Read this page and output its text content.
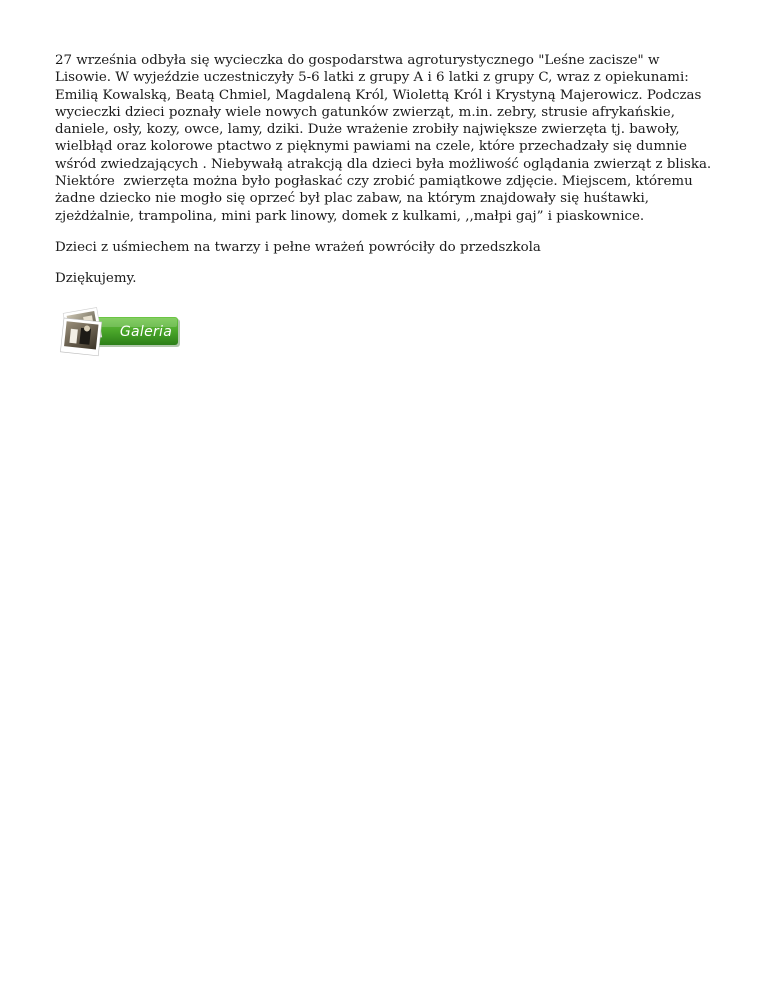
27 września odbyła się wycieczka do gospodarstwa agroturystycznego "Leśne zacisze" w Lisowie. W wyjeździe uczestniczyły 5-6 latki z grupy A i 6 latki z grupy C, wraz z opiekunami: Emilią Kowalską, Beatą Chmiel, Magdaleną Król, Wiolettą Król i Krystyną Majerowicz. Podczas wycieczki dzieci poznały wiele nowych gatunków zwierząt, m.in. zebry, strusie afrykańskie, daniele, osły, kozy, owce, lamy, dziki. Duże wrażenie zrobiły największe zwierzęta tj. bawoły, wielbłąd oraz kolorowe ptactwo z pięknymi pawiami na czele, które przechadzały się dumnie wśród zwiedzających . Niebywałą atrakcją dla dzieci była możliwość oglądania zwierząt z bliska. Niektóre  zwierzęta można było pogłaskać czy zrobić pamiątkowe zdjęcie. Miejscem, któremu żadne dziecko nie mogło się oprzeć był plac zabaw, na którym znajdowały się huśtawki, zjeżdżalnie, trampolina, mini park linowy, domek z kulkami, ,,małpi gaj” i piaskownice.

Dzieci z uśmiechem na twarzy i pełne wrażeń powróciły do przedszkola

Dziękujemy.

Galeria
